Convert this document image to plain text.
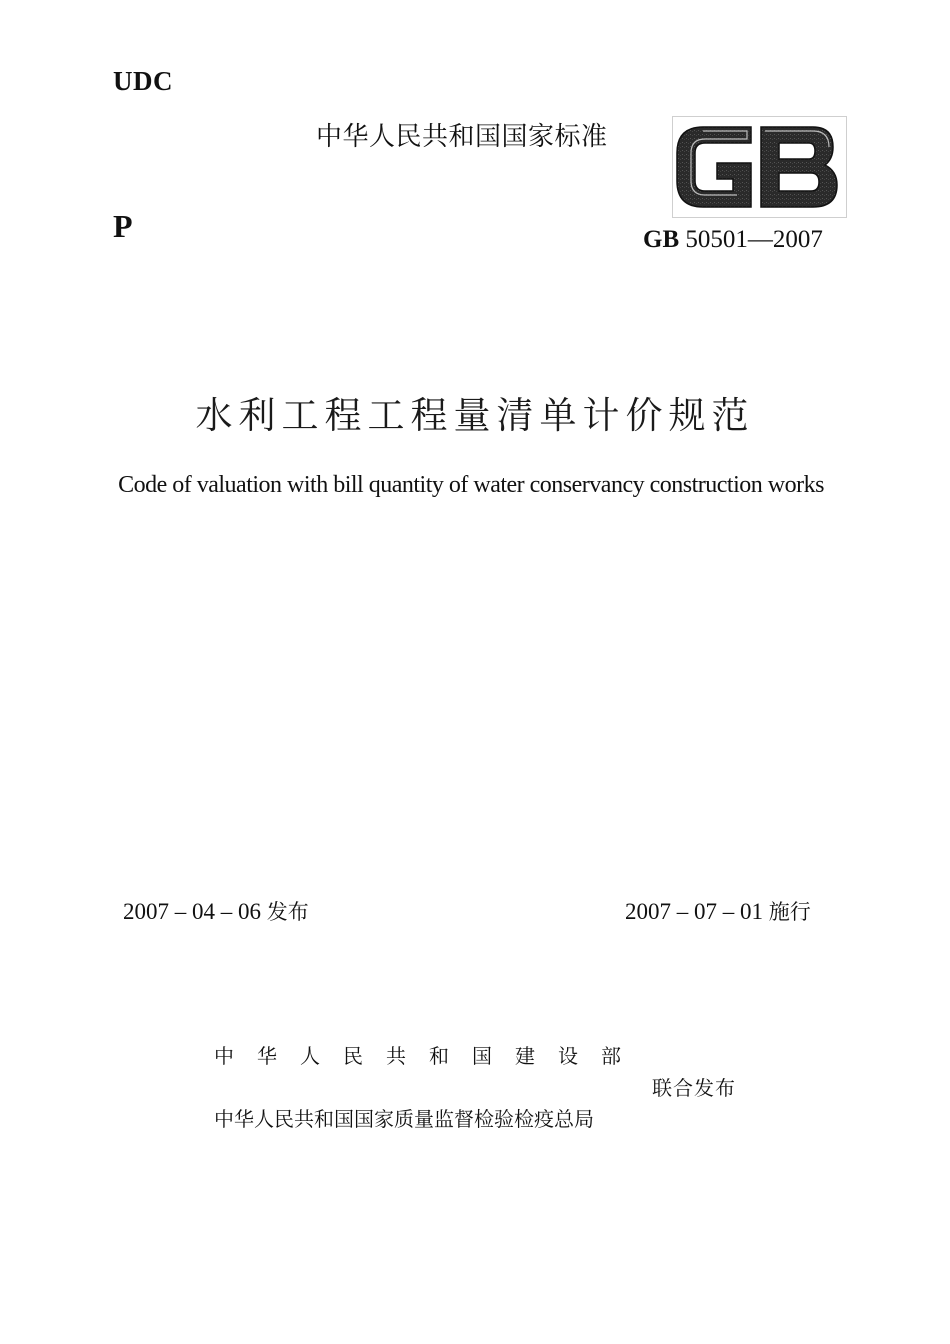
UDC
P
中华人民共和国国家标准
GB 50501—2007
水利工程工程量清单计价规范
Code of valuation with bill quantity of water conservancy construction works
2007 – 04 – 06 发布	2007 – 07 – 01 施行
中华人民共和国建设部
联合发布
中华人民共和国国家质量监督检验检疫总局
